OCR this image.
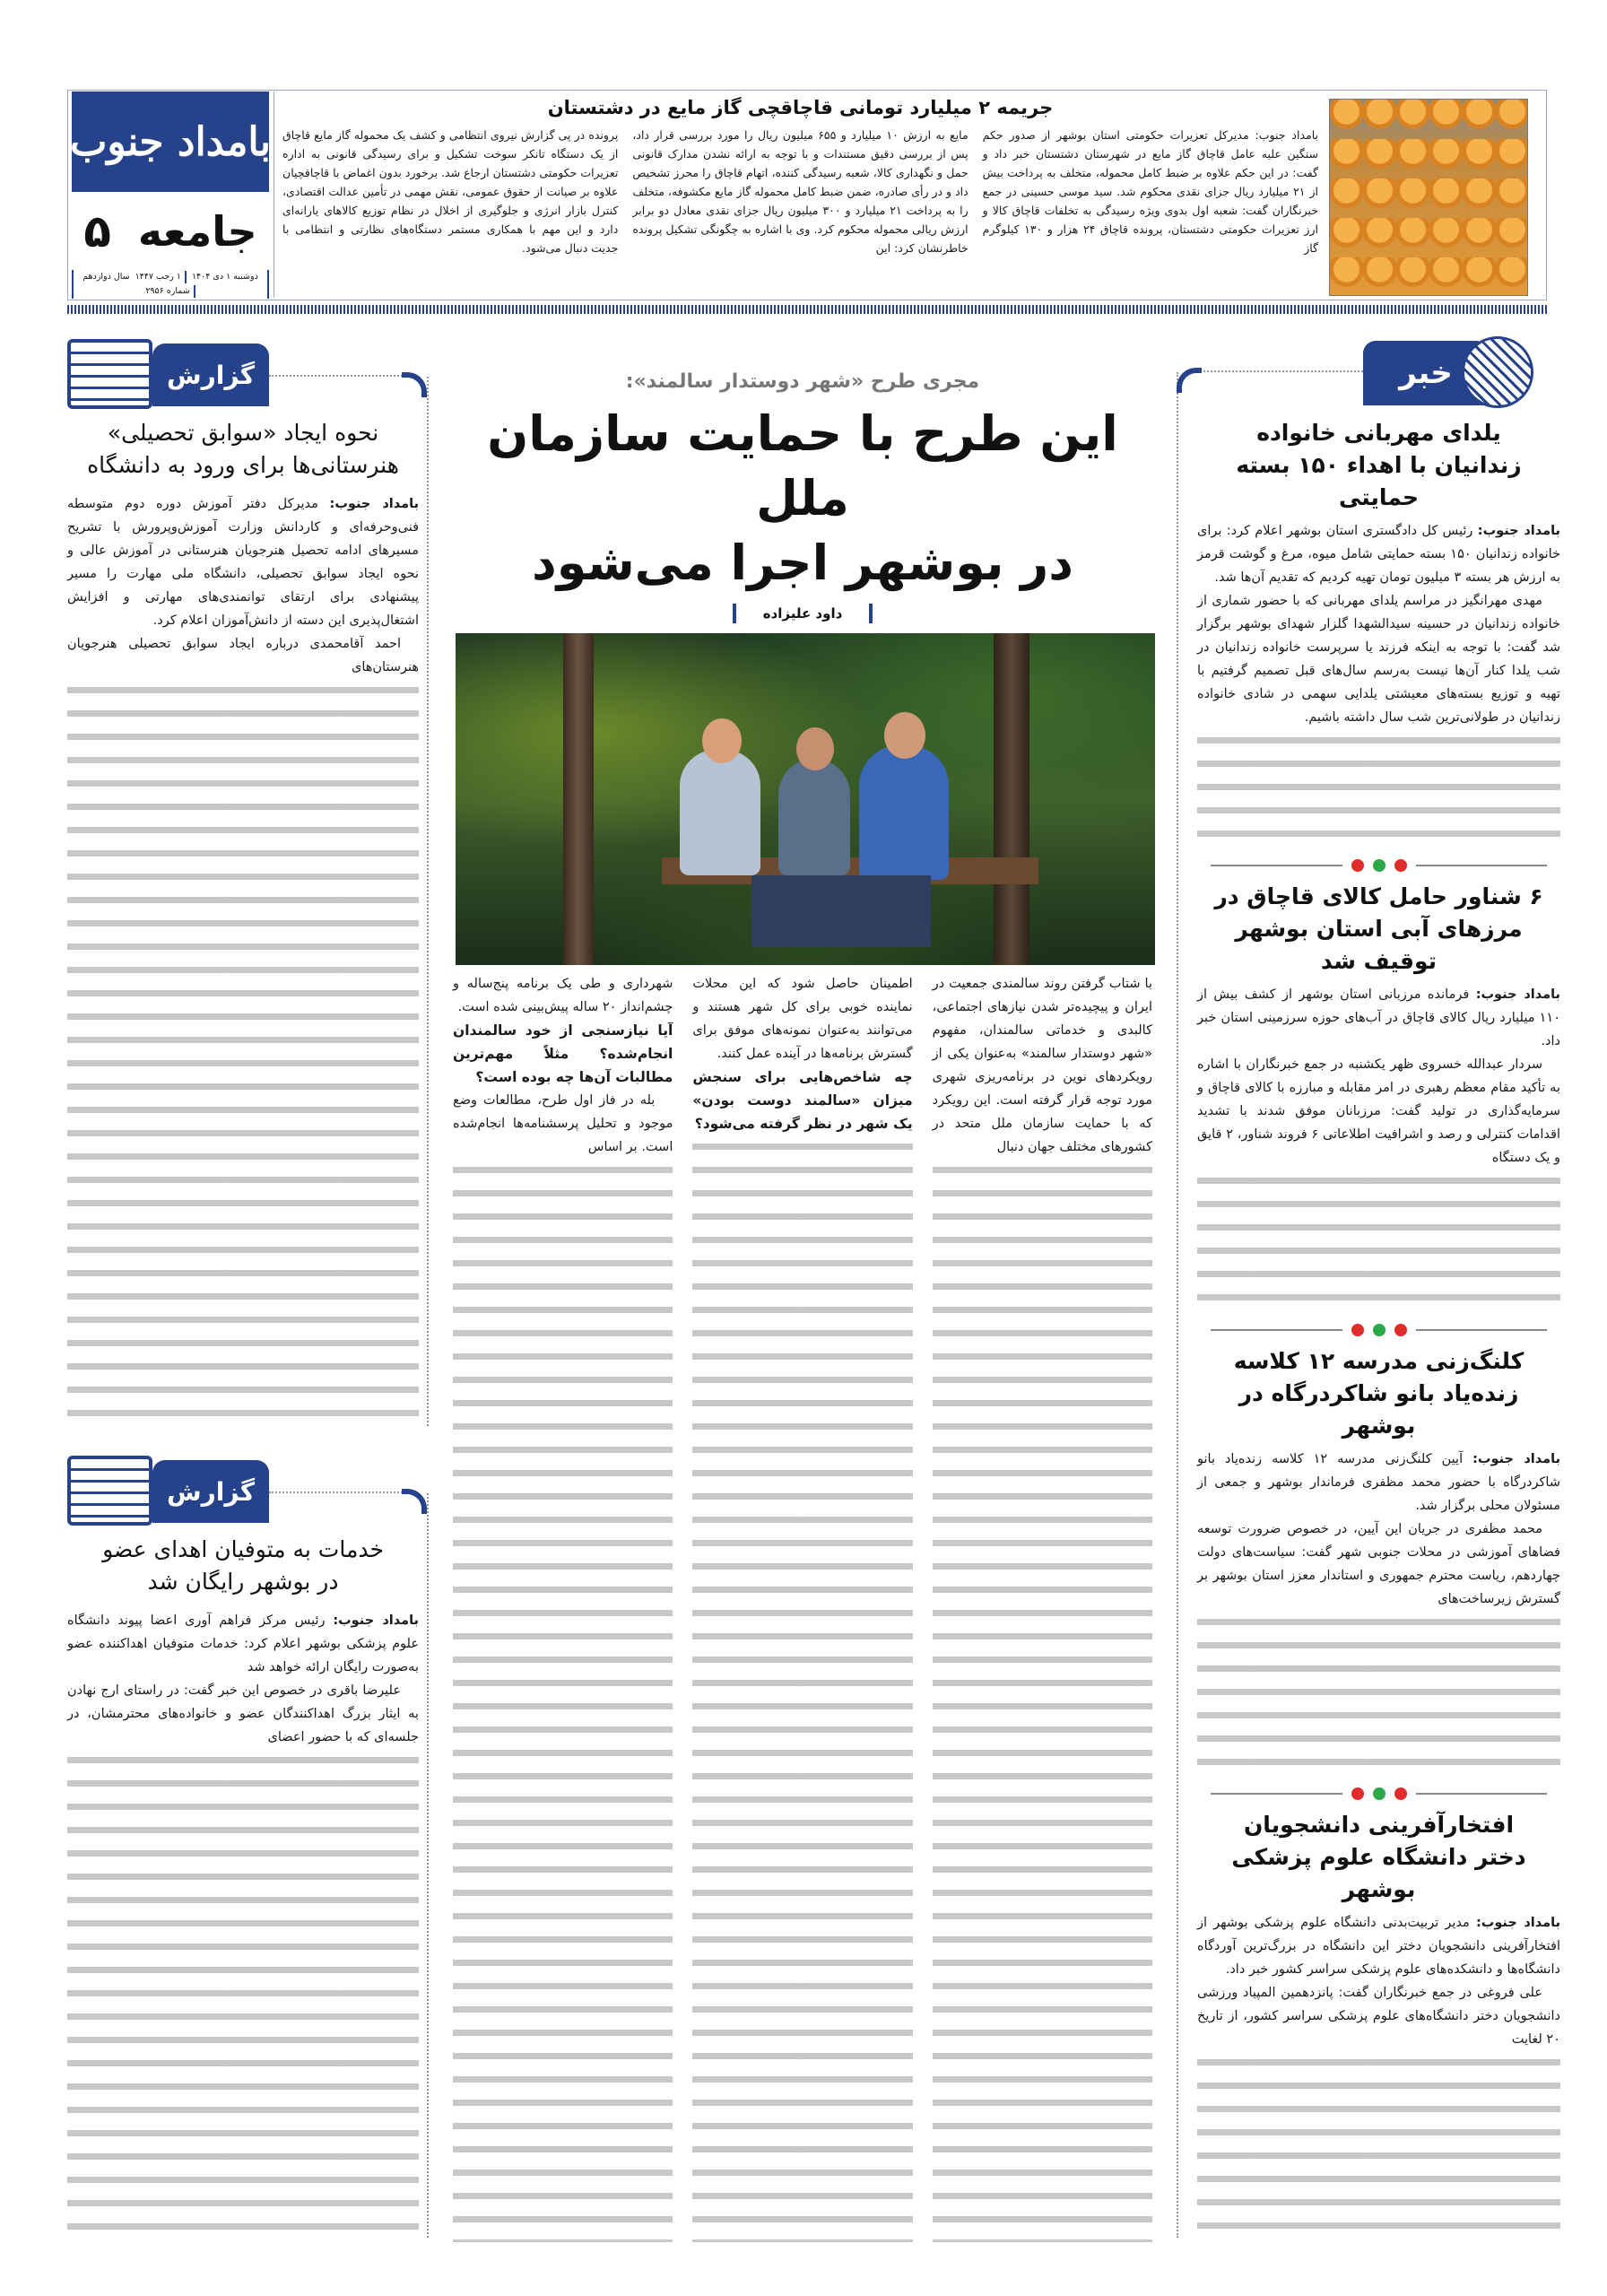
بامداد جنوب
جامعه
۵
دوشنبه ۱ دی ۱۴۰۴
۱ رجب ۱۴۴۷
سال دوازدهم
شماره ۲۹۵۶
جریمه ۲ میلیارد تومانی قاچاقچی گاز مایع در دشتستان

بامداد جنوب: مدیرکل تعزیرات حکومتی استان بوشهر از صدور حکم سنگین علیه عامل قاچاق گاز مایع در شهرستان دشتستان خبر داد و گفت: در این حکم علاوه بر ضبط کامل محموله، متخلف به پرداخت بیش از ۲۱ میلیارد ریال جزای نقدی محکوم شد. سید موسی حسینی در جمع خبرنگاران گفت: شعبه اول بدوی ویژه رسیدگی به تخلفات قاچاق کالا و ارز تعزیرات حکومتی دشتستان، پرونده قاچاق ۲۴ هزار و ۱۳۰ کیلوگرم گاز

مایع به ارزش ۱۰ میلیارد و ۶۵۵ میلیون ریال را مورد بررسی قرار داد، پس از بررسی دقیق مستندات و با توجه به ارائه نشدن مدارک قانونی حمل و نگهداری کالا، شعبه رسیدگی کننده، اتهام قاچاق را محرز تشخیص داد و در رأی صادره، ضمن ضبط کامل محموله گاز مایع مکشوفه، متخلف را به پرداخت ۲۱ میلیارد و ۳۰۰ میلیون ریال جزای نقدی معادل دو برابر ارزش ریالی محموله محکوم کرد. وی با اشاره به چگونگی تشکیل پرونده خاطرنشان کرد: این

پرونده در پی گزارش نیروی انتظامی و کشف یک محموله گاز مایع قاچاق از یک دستگاه تانکر سوخت تشکیل و برای رسیدگی قانونی به اداره تعزیرات حکومتی دشتستان ارجاع شد. برخورد بدون اغماض با قاچاقچیان علاوه بر صیانت از حقوق عمومی، نقش مهمی در تأمین عدالت اقتصادی، کنترل بازار انرژی و جلوگیری از اخلال در نظام توزیع کالاهای یارانه‌ای دارد و این مهم با همکاری مستمر دستگاه‌های نظارتی و انتظامی با جدیت دنبال می‌شود.

خبر
یلدای مهربانی خانواده زندانیان با اهداء ۱۵۰ بسته حمایتی

بامداد جنوب: رئیس کل دادگستری استان بوشهر اعلام کرد: برای خانواده زندانیان ۱۵۰ بسته حمایتی شامل میوه، مرغ و گوشت قرمز به ارزش هر بسته ۳ میلیون تومان تهیه کردیم که تقدیم آن‌ها شد.

مهدی مهرانگیز در مراسم یلدای مهربانی که با حضور شماری از خانواده زندانیان در حسینه سیدالشهدا گلزار شهدای بوشهر برگزار شد گفت: با توجه به اینکه فرزند یا سرپرست خانواده زندانیان در شب یلدا کنار آن‌ها نیست به‌رسم سال‌های قبل تصمیم گرفتیم با تهیه و توزیع بسته‌های معیشتی یلدایی سهمی در شادی خانواده زندانیان در طولانی‌ترین شب سال داشته باشیم.

۶ شناور حامل کالای قاچاق در مرزهای آبی استان بوشهر توقیف شد

بامداد جنوب: فرمانده مرزبانی استان بوشهر از کشف بیش از ۱۱۰ میلیارد ریال کالای قاچاق در آب‌های حوزه سرزمینی استان خبر داد.

سردار عبدالله خسروی ظهر یکشنبه در جمع خبرنگاران با اشاره به تأکید مقام معظم رهبری در امر مقابله و مبارزه با کالای قاچاق و سرمایه‌گذاری در تولید گفت: مرزبانان موفق شدند با تشدید اقدامات کنترلی و رصد و اشرافیت اطلاعاتی ۶ فروند شناور، ۲ قایق و یک دستگاه

کلنگ‌زنی مدرسه ۱۲ کلاسه زنده‌یاد بانو شاکردرگاه در بوشهر

بامداد جنوب: آیین کلنگ‌زنی مدرسه ۱۲ کلاسه زنده‌یاد بانو شاکردرگاه با حضور محمد مظفری فرماندار بوشهر و جمعی از مسئولان محلی برگزار شد.

محمد مظفری در جریان این آیین، در خصوص ضرورت توسعه فضاهای آموزشی در محلات جنوبی شهر گفت: سیاست‌های دولت چهاردهم، ریاست محترم جمهوری و استاندار معزز استان بوشهر بر گسترش زیرساخت‌های

افتخارآفرینی دانشجویان دختر دانشگاه علوم پزشکی بوشهر

بامداد جنوب: مدیر تربیت‌بدنی دانشگاه علوم پزشکی بوشهر از افتخارآفرینی دانشجویان دختر این دانشگاه در بزرگ‌ترین آوردگاه دانشگاه‌ها و دانشکده‌های علوم پزشکی سراسر کشور خبر داد.

علی فروغی در جمع خبرنگاران گفت: پانزدهمین المپیاد ورزشی دانشجویان دختر دانشگاه‌های علوم پزشکی سراسر کشور، از تاریخ ۲۰ لغایت

مجری طرح «شهر دوستدار سالمند»:
این طرح با حمایت سازمان ملل
در بوشهر اجرا می‌شود
داود علیزاده

با شتاب گرفتن روند سالمندی جمعیت در ایران و پیچیده‌تر شدن نیازهای اجتماعی، کالبدی و خدماتی سالمندان، مفهوم «شهر دوستدار سالمند» به‌عنوان یکی از رویکردهای نوین در برنامه‌ریزی شهری مورد توجه قرار گرفته است. این رویکرد که با حمایت سازمان ملل متحد در کشورهای مختلف جهان دنبال

اطمینان حاصل شود که این محلات نماینده خوبی برای کل شهر هستند و می‌توانند به‌عنوان نمونه‌های موفق برای گسترش برنامه‌ها در آینده عمل کنند.

چه شاخص‌هایی برای سنجش میزان «سالمند دوست بودن» یک شهر در نظر گرفته می‌شود؟

شهرداری و طی یک برنامه پنج‌ساله و چشم‌انداز ۲۰ ساله پیش‌بینی شده است.

آیا نیازسنجی از خود سالمندان انجام‌شده؟ مثلاً مهم‌ترین مطالبات آن‌ها چه بوده است؟

بله در فاز اول طرح، مطالعات وضع موجود و تحلیل پرسشنامه‌ها انجام‌شده است. بر اساس

گزارش
نحوه ایجاد «سوابق تحصیلی»
هنرستانی‌ها برای ورود به دانشگاه

بامداد جنوب: مدیرکل دفتر آموزش دوره دوم متوسطه فنی‌وحرفه‌ای و کاردانش وزارت آموزش‌وپرورش با تشریح مسیرهای ادامه تحصیل هنرجویان هنرستانی در آموزش عالی و نحوه ایجاد سوابق تحصیلی، دانشگاه ملی مهارت را مسیر پیشنهادی برای ارتقای توانمندی‌های مهارتی و افزایش اشتغال‌پذیری این دسته از دانش‌آموزان اعلام کرد.

احمد آقامحمدی درباره ایجاد سوابق تحصیلی هنرجویان هنرستان‌های

گزارش
خدمات به متوفیان اهدای عضو
در بوشهر رایگان شد

بامداد جنوب: رئیس مرکز فراهم آوری اعضا پیوند دانشگاه علوم پزشکی بوشهر اعلام کرد: خدمات متوفیان اهداکننده عضو به‌صورت رایگان ارائه خواهد شد

علیرضا باقری در خصوص این خبر گفت: در راستای ارج نهادن به ایثار بزرگ اهداکنندگان عضو و خانواده‌های محترمشان، در جلسه‌ای که با حضور اعضای
